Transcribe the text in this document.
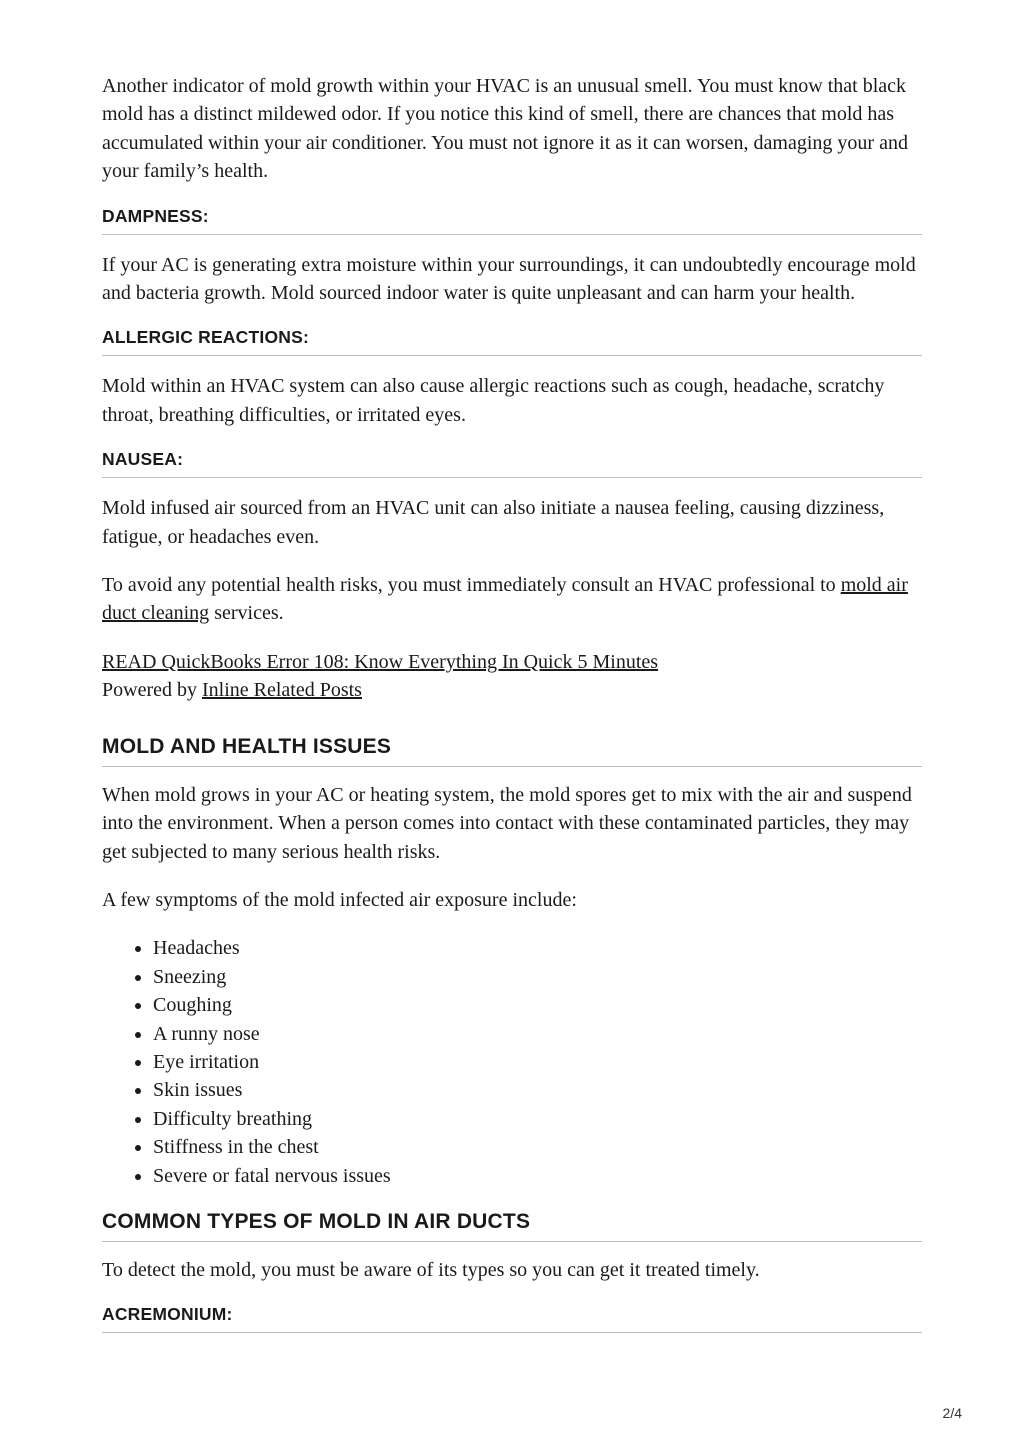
Another indicator of mold growth within your HVAC is an unusual smell. You must know that black mold has a distinct mildewed odor. If you notice this kind of smell, there are chances that mold has accumulated within your air conditioner. You must not ignore it as it can worsen, damaging your and your family’s health.

DAMPNESS:

If your AC is generating extra moisture within your surroundings, it can undoubtedly encourage mold and bacteria growth. Mold sourced indoor water is quite unpleasant and can harm your health.

ALLERGIC REACTIONS:

Mold within an HVAC system can also cause allergic reactions such as cough, headache, scratchy throat, breathing difficulties, or irritated eyes.

NAUSEA:

Mold infused air sourced from an HVAC unit can also initiate a nausea feeling, causing dizziness, fatigue, or headaches even.

To avoid any potential health risks, you must immediately consult an HVAC professional to mold air duct cleaning services.

READ QuickBooks Error 108: Know Everything In Quick 5 Minutes

Powered by Inline Related Posts

MOLD AND HEALTH ISSUES

When mold grows in your AC or heating system, the mold spores get to mix with the air and suspend into the environment. When a person comes into contact with these contaminated particles, they may get subjected to many serious health risks.

A few symptoms of the mold infected air exposure include:

• Headaches
• Sneezing
• Coughing
• A runny nose
• Eye irritation
• Skin issues
• Difficulty breathing
• Stiffness in the chest
• Severe or fatal nervous issues
COMMON TYPES OF MOLD IN AIR DUCTS

To detect the mold, you must be aware of its types so you can get it treated timely.

ACREMONIUM:
2/4
